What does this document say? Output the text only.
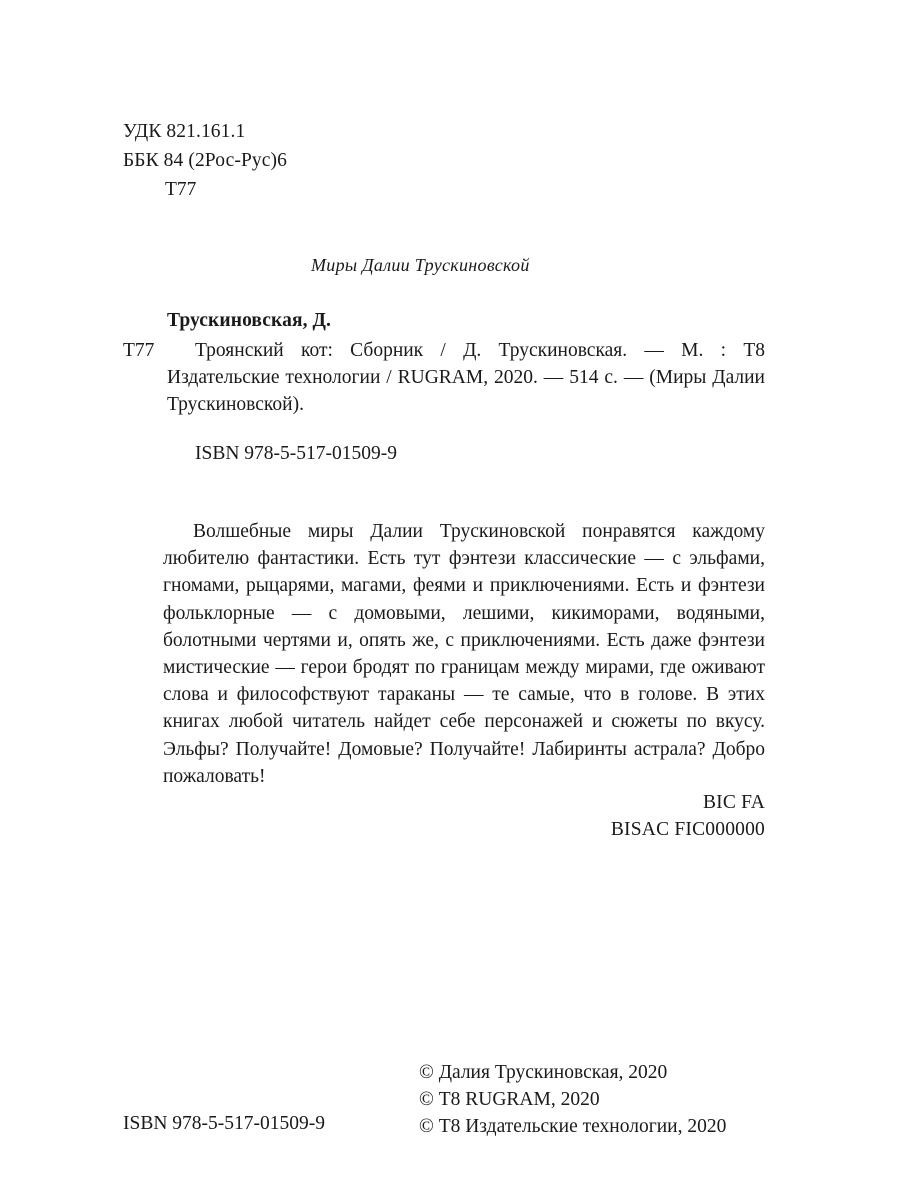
УДК 821.161.1
ББК 84 (2Рос-Рус)6
Т77
Миры Далии Трускиновской
Трускиновская, Д.
Т77	Троянский кот: Сборник / Д. Трускиновская. — М. : Т8 Издательские технологии / RUGRAM, 2020. — 514 с. — (Миры Далии Трускиновской).
ISBN 978-5-517-01509-9
Волшебные миры Далии Трускиновской понравятся каждому любителю фантастики. Есть тут фэнтези классические — с эльфами, гномами, рыцарями, магами, феями и приключениями. Есть и фэнтези фольклорные — с домовыми, лешими, кикиморами, водяными, болотными чертями и, опять же, с приключениями. Есть даже фэнтези мистические — герои бродят по границам между мирами, где оживают слова и философствуют тараканы — те самые, что в голове. В этих книгах любой читатель найдет себе персонажей и сюжеты по вкусу. Эльфы? Получайте! Домовые? Получайте! Лабиринты астрала? Добро пожаловать!
BIC FA
BISAC FIC000000
© Далия Трускиновская, 2020
© Т8 RUGRAM, 2020
© Т8 Издательские технологии, 2020
ISBN 978-5-517-01509-9
